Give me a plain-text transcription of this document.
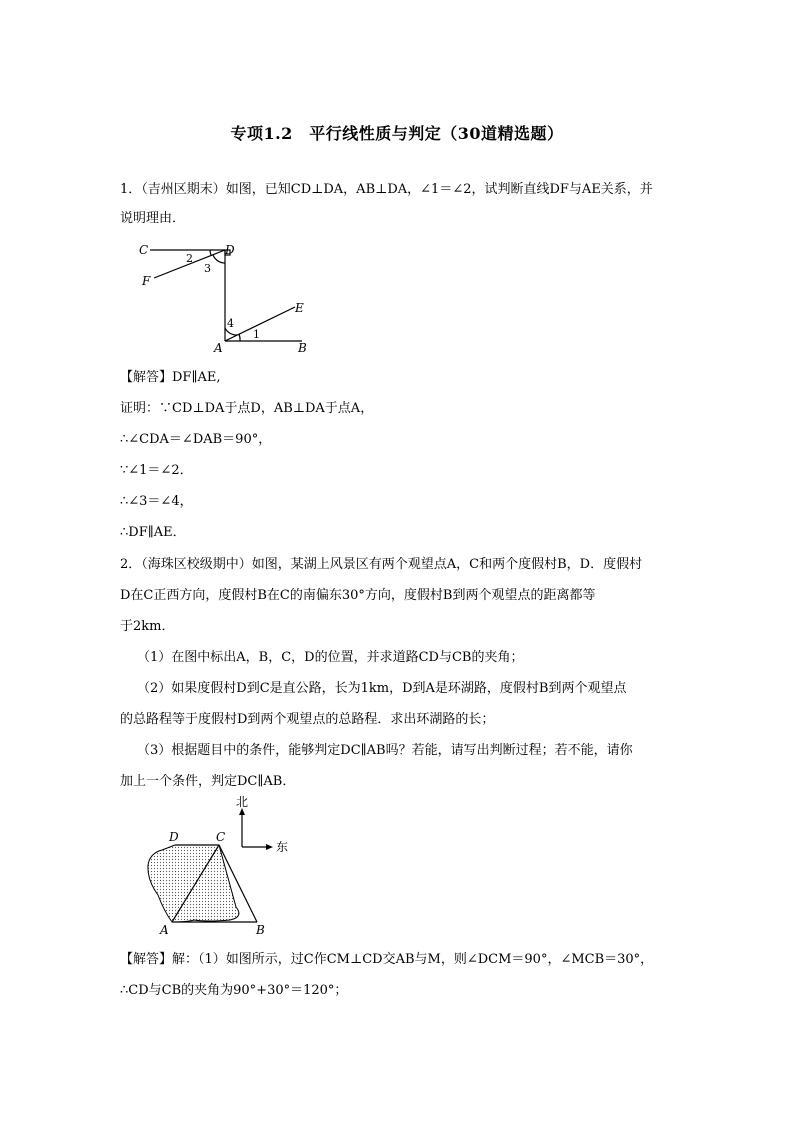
专项1.2　平行线性质与判定（30道精选题）
1．（吉州区期末）如图，已知CD⊥DA，AB⊥DA，∠1＝∠2，试判断直线DF与AE关系，并
说明理由．
C	D
F
E
A	B
2
3
4
1
【解答】DF∥AE,
证明：∵CD⊥DA于点D，AB⊥DA于点A，
∴∠CDA＝∠DAB＝90°，
∵∠1＝∠2．
∴∠3＝∠4，
∴DF∥AE．
2．（海珠区校级期中）如图，某湖上风景区有两个观望点A，C和两个度假村B，D．度假村
D在C正西方向，度假村B在C的南偏东30°方向，度假村B到两个观望点的距离都等
于2km．
（1）在图中标出A，B，C，D的位置，并求道路CD与CB的夹角；
（2）如果度假村D到C是直公路，长为1km，D到A是环湖路，度假村B到两个观望点
的总路程等于度假村D到两个观望点的总路程．求出环湖路的长；
（3）根据题目中的条件，能够判定DC∥AB吗？若能，请写出判断过程；若不能，请你
加上一个条件，判定DC∥AB．
北
东
D	C
A	B
【解答】解：（1）如图所示，过C作CM⊥CD交AB与M，则∠DCM＝90°，∠MCB＝30°，
∴CD与CB的夹角为90°+30°＝120°；
